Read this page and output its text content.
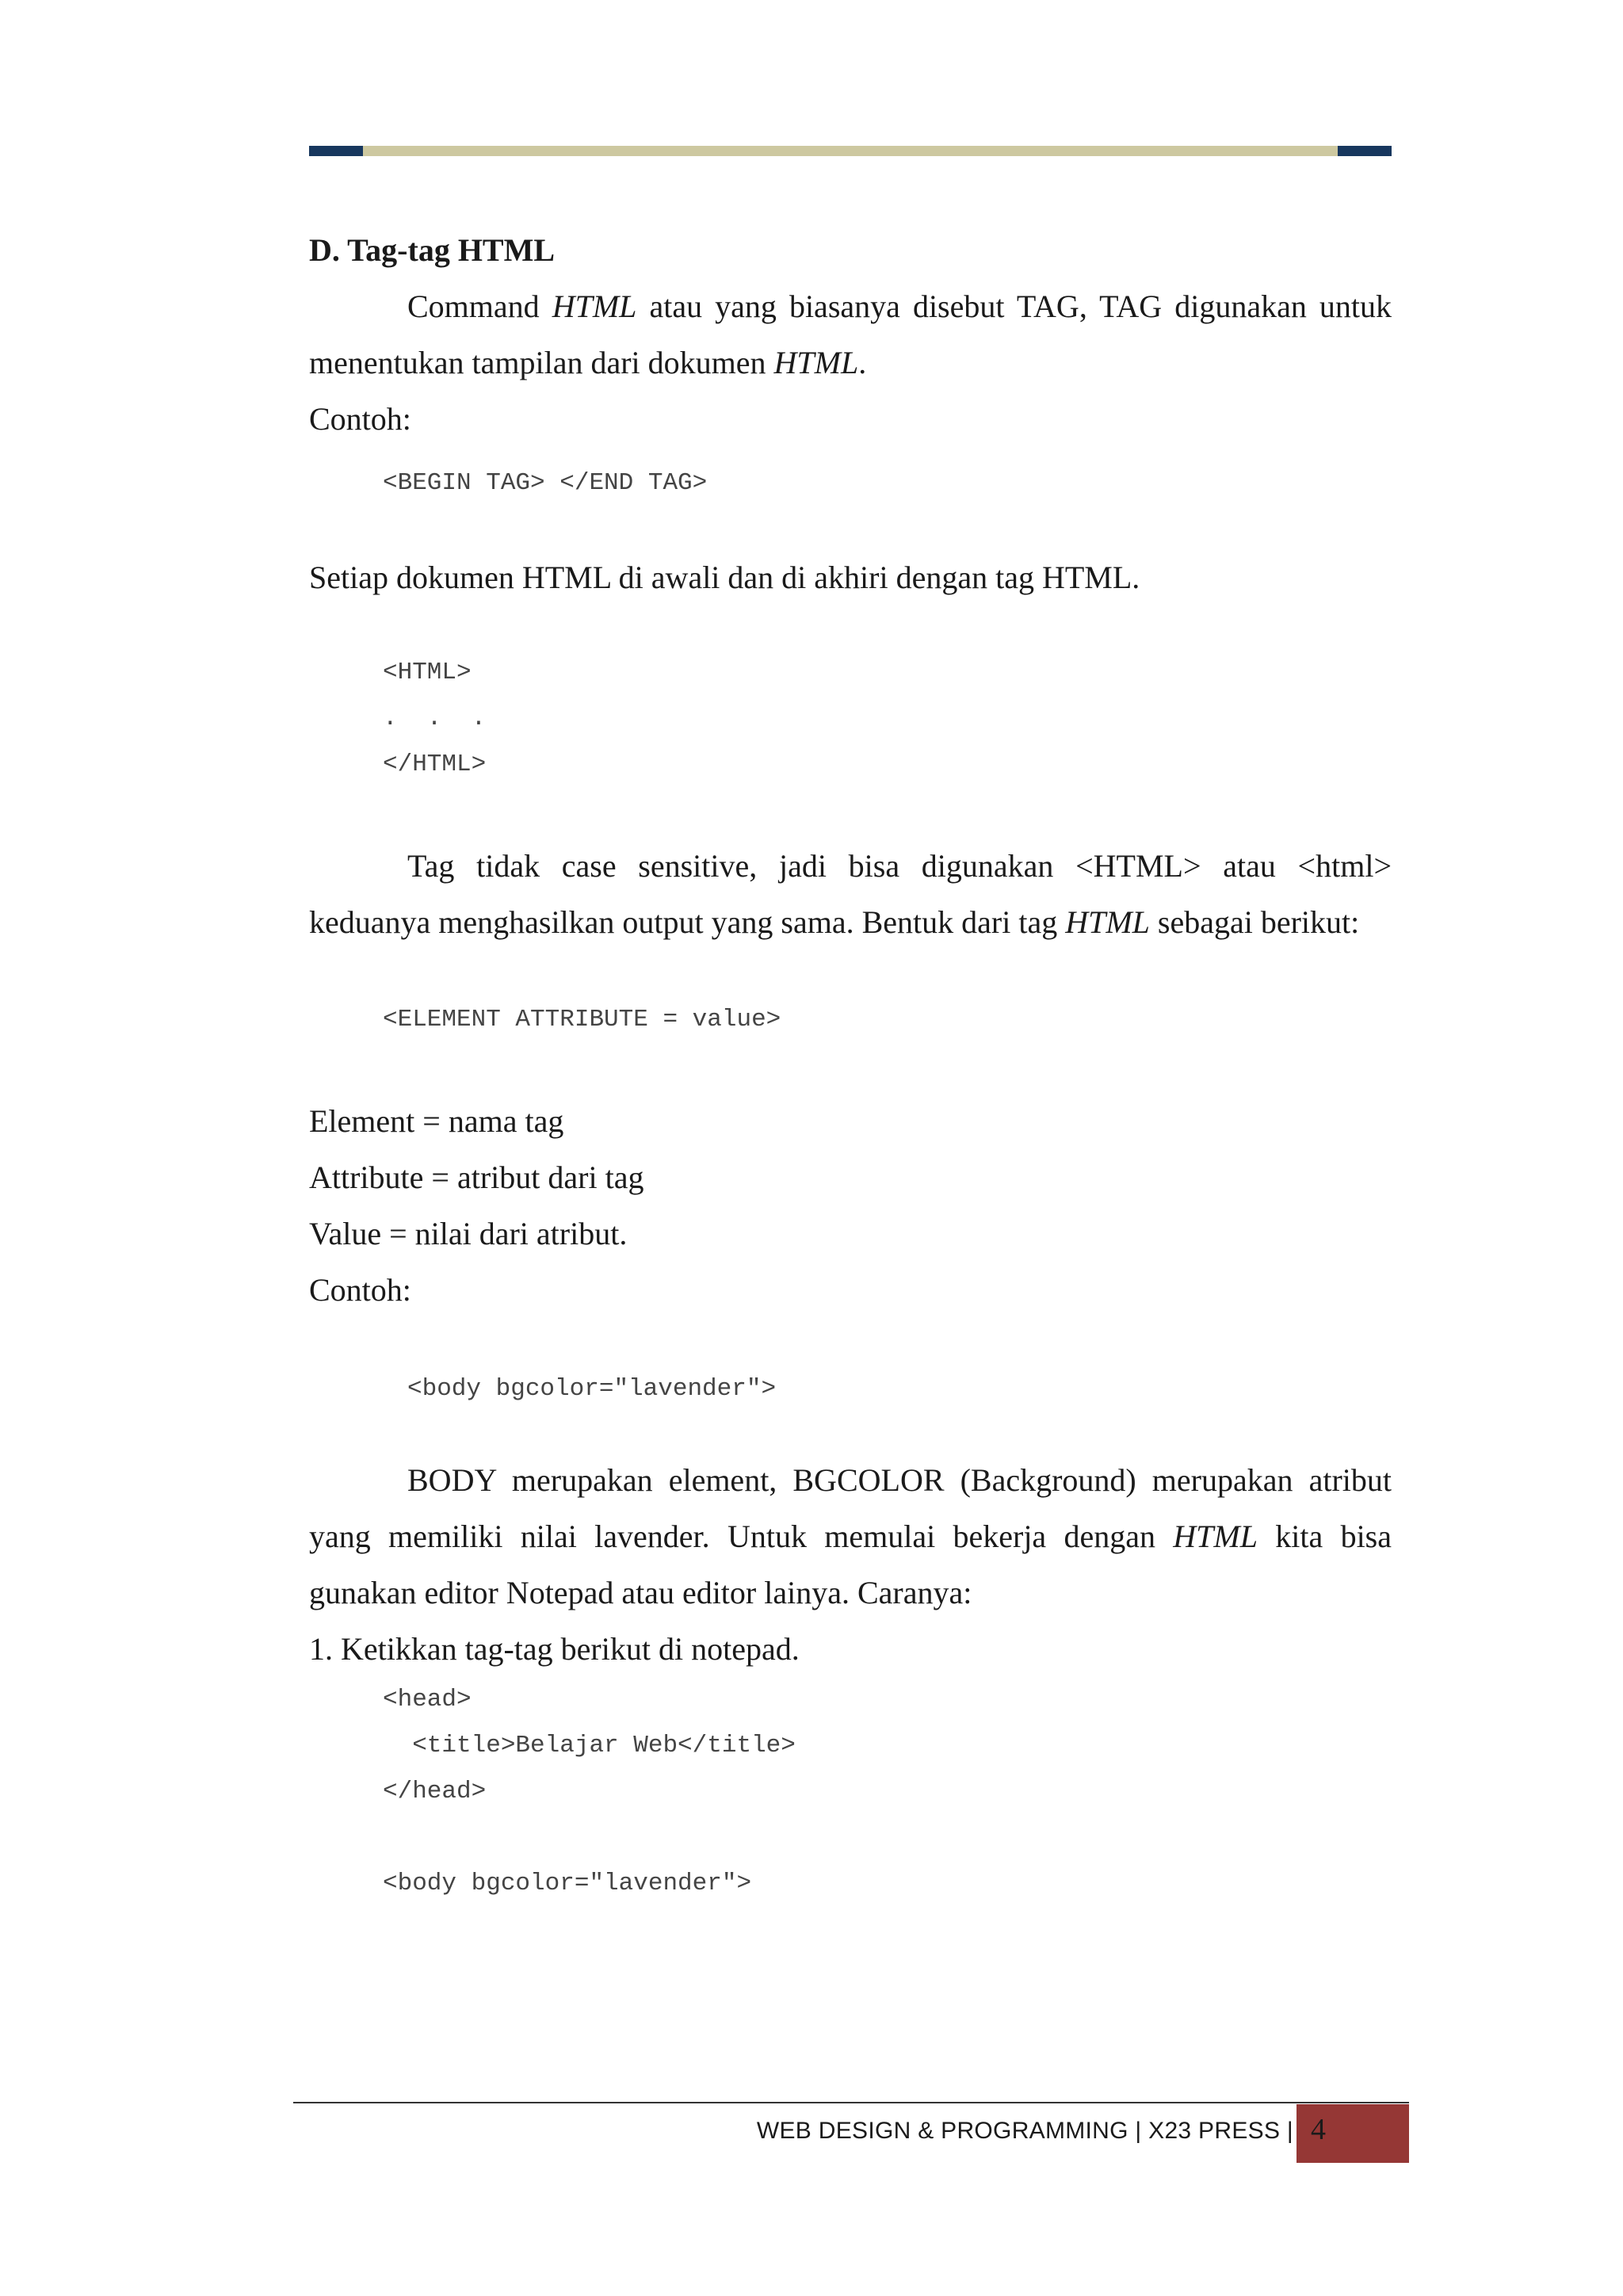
D. Tag-tag HTML

Command HTML atau yang biasanya disebut TAG, TAG digunakan untuk menentukan tampilan dari dokumen HTML.

Contoh:

<BEGIN TAG> </END TAG>

Setiap dokumen HTML di awali dan di akhiri dengan tag HTML.

<HTML>
.  .  .
</HTML>

Tag tidak case sensitive, jadi bisa digunakan <HTML> atau <html> keduanya menghasilkan output yang sama. Bentuk dari tag HTML sebagai berikut:

<ELEMENT ATTRIBUTE = value>

Element = nama tag

Attribute = atribut dari tag

Value = nilai dari atribut.

Contoh:

<body bgcolor="lavender">

BODY merupakan element, BGCOLOR (Background) merupakan atribut yang memiliki nilai lavender. Untuk memulai bekerja dengan HTML kita bisa gunakan editor Notepad atau editor lainya. Caranya:

1. Ketikkan tag-tag berikut di notepad.

<head>
<title>Belajar Web</title>
</head>

<body bgcolor="lavender">
WEB DESIGN & PROGRAMMING | X23 PRESS | 4
